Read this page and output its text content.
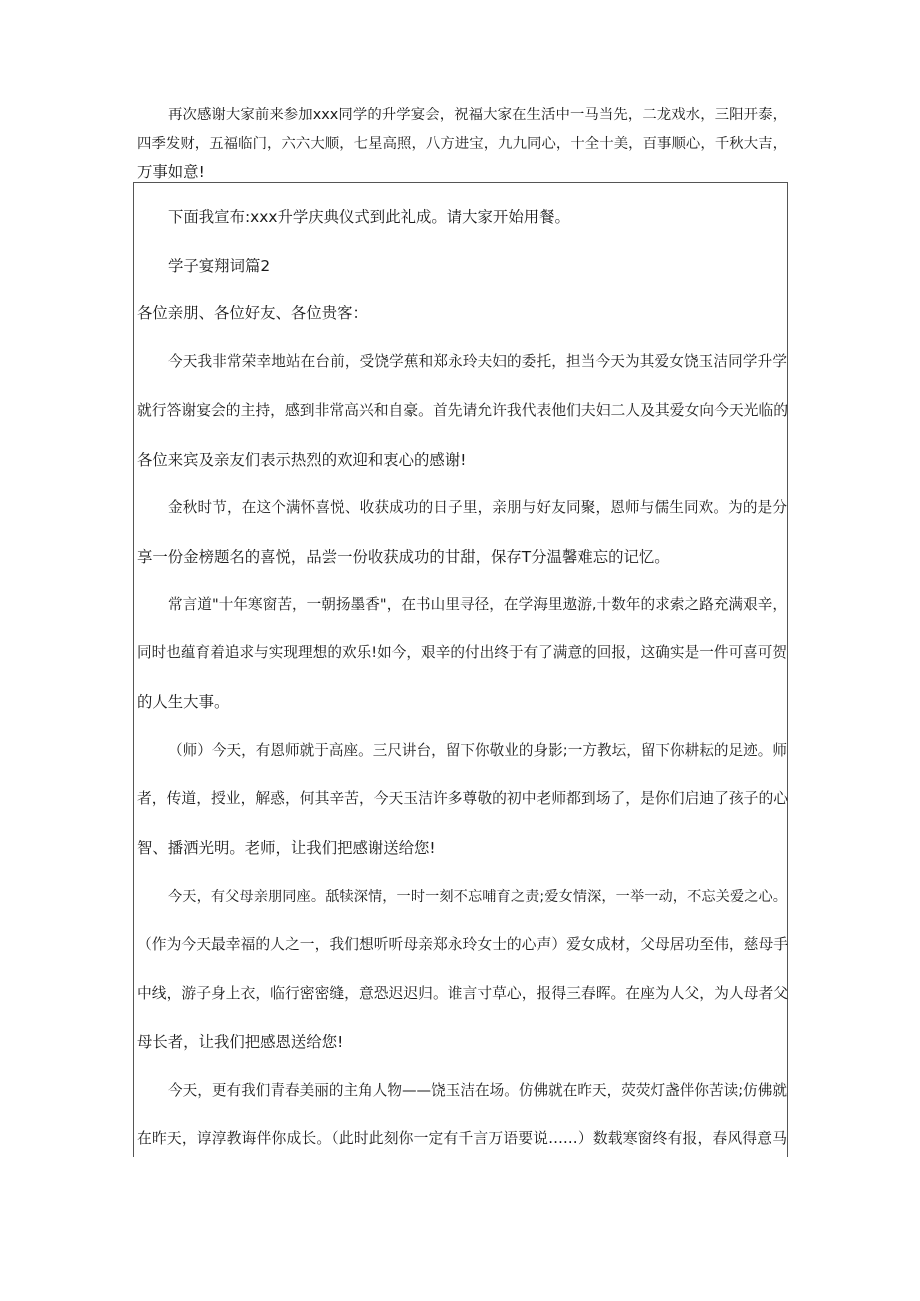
再次感谢大家前来参加xxx同学的升学宴会，祝福大家在生活中一马当先，二龙戏水，三阳开泰，
四季发财，五福临门，六六大顺，七星高照，八方进宝，九九同心，十全十美，百事顺心，千秋大吉，
万事如意!
下面我宣布:xxx升学庆典仪式到此礼成。请大家开始用餐。
学子宴翔词篇2
各位亲朋、各位好友、各位贵客：
今天我非常荣幸地站在台前，受饶学蕉和郑永玲夫妇的委托，担当今天为其爱女饶玉洁同学升学
就行答谢宴会的主持，感到非常高兴和自豪。首先请允许我代表他们夫妇二人及其爱女向今天光临的
各位来宾及亲友们表示热烈的欢迎和衷心的感谢!
金秋时节，在这个满怀喜悦、收获成功的日子里，亲朋与好友同聚，恩师与儒生同欢。为的是分
享一份金榜题名的喜悦，品尝一份收获成功的甘甜，保存T分温馨难忘的记忆。
常言道"十年寒窗苦，一朝扬墨香"，在书山里寻径，在学海里遨游,十数年的求索之路充满艰辛，
同时也蕴育着追求与实现理想的欢乐!如今，艰辛的付出终于有了满意的回报，这确实是一件可喜可贺
的人生大事。
（师）今天，有恩师就于高座。三尺讲台，留下你敬业的身影;一方教坛，留下你耕耘的足迹。师
者，传道，授业，解惑，何其辛苦，今天玉洁许多尊敬的初中老师都到场了，是你们启迪了孩子的心
智、播洒光明。老师，让我们把感谢送给您!
今天，有父母亲朋同座。舐犊深情，一时一刻不忘哺育之责;爱女情深，一举一动，不忘关爱之心。
（作为今天最幸福的人之一，我们想听听母亲郑永玲女士的心声）爱女成材，父母居功至伟，慈母手
中线，游子身上衣，临行密密缝，意恐迟迟归。谁言寸草心，报得三春晖。在座为人父，为人母者父
母长者，让我们把感恩送给您!
今天，更有我们青春美丽的主角人物——饶玉洁在场。仿佛就在昨天，荧荧灯盏伴你苦读;仿佛就
在昨天，谆淳教诲伴你成长。（此时此刻你一定有千言万语要说……）数载寒窗终有报，春风得意马
